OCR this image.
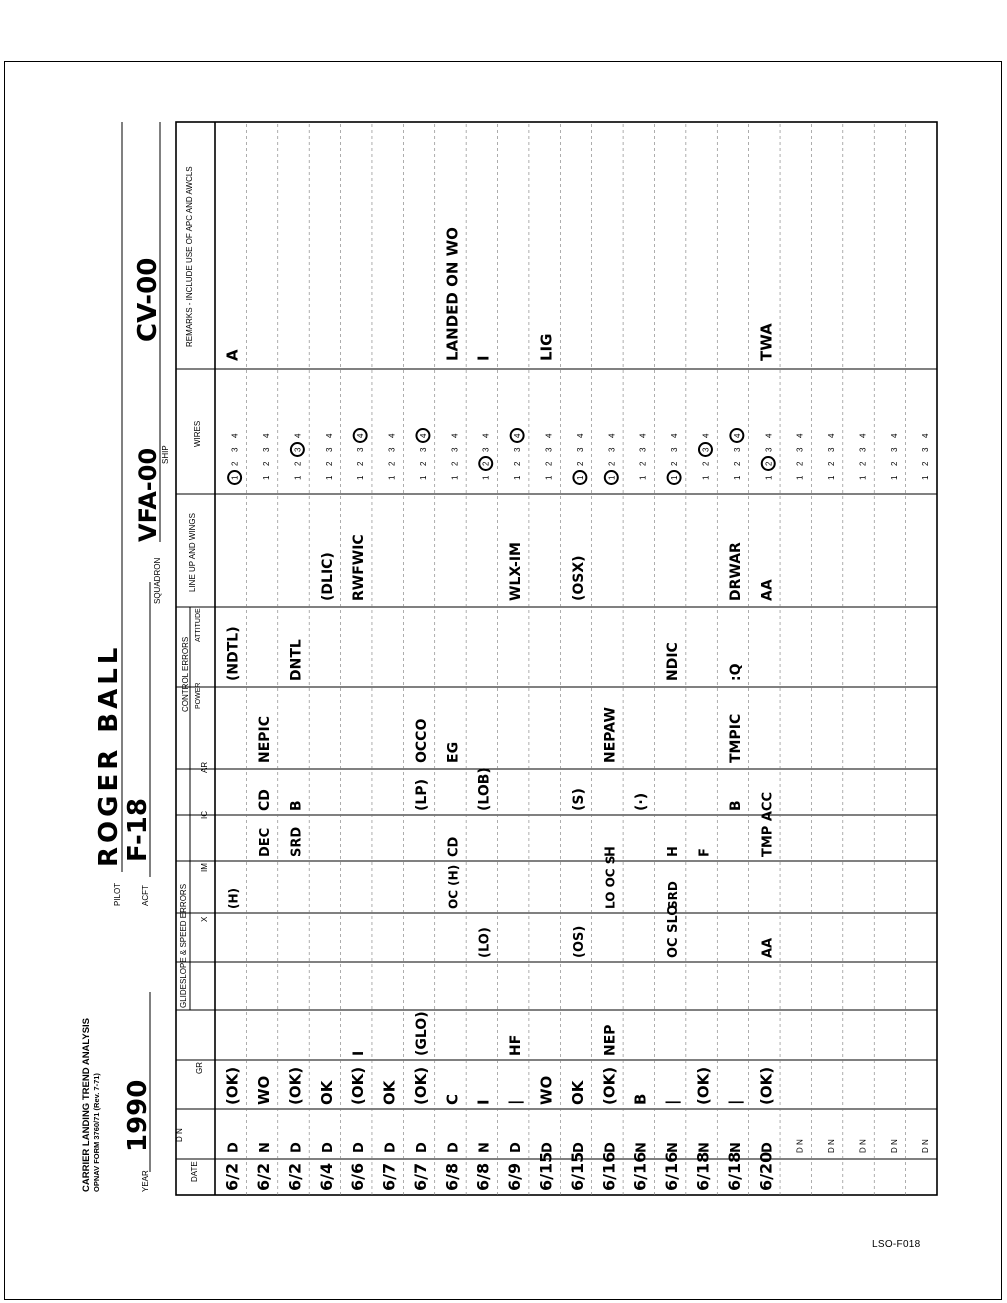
CARRIER LANDING TREND ANALYSIS OPNAV FORM 3760/71 (Rev. 7-71)	YEAR
1990
PILOT
ROGER BALL
ACFT
F-18
SQUADRON
VFA-00 SHIP
CV-00
DATE
D N
GR
GLIDESLOPE & SPEED ERRORS X
IM
IC
AR
CONTROL ERRORS POWER
ATTITUDE
LINE UP AND WINGS
WIRES
REMARKS - INCLUDE USE OF APC AND AWCLS
6/2
D
(OK)
(H)
(NDTL)
1
2
3
4
A
6/2
N
WO
DEC
CD
NEPIC
1
2
3
4
6/2
D
(OK)
SRD
B
DNTL
1
2
3
4
6/4
D
OK
(DLIC)
1
2
3
4
6/6
D
(OK)
I
RWFWIC
1
2
3
4
6/7
D
OK
1
2
3
4
6/7
D
(OK)
(GLO)
(LP)
OCCO
1
2
3
4
6/8
D
C
OC (H)
CD
EG
1
2
3
4
LANDED ON WO
6/8
N
I
(LO)
(LOB)
1
2
3
4
I
6/9
D
|
HF
WLX-IM
1
2
3
4
6/15
D
WO
1
2
3
4
LIG
6/15
D
OK
(OS)
(S)
(OSX)
1
2
3
4
6/16
D
(OK)
NEP
LO OC S
H
NEPAW
1
2
3
4
6/16
N
B
(·)
1
2
3
4
6/16
N
|
OC SLO
SRD
H
NDIC
1
2
3
4
6/18
N
(OK)
F
1
2
3
4
6/18
N
|
B
TMPIC
:Q
DRWAR
1
2
3
4
6/20
D
(OK)
AA
TMP ACC
AA
1
2
3
4
TWA
D N
1
2
3
4
D N
1
2
3
4
D N
1
2
3
4
D N
1
2
3
4
D N
1
2
3
4
LSO-F018
